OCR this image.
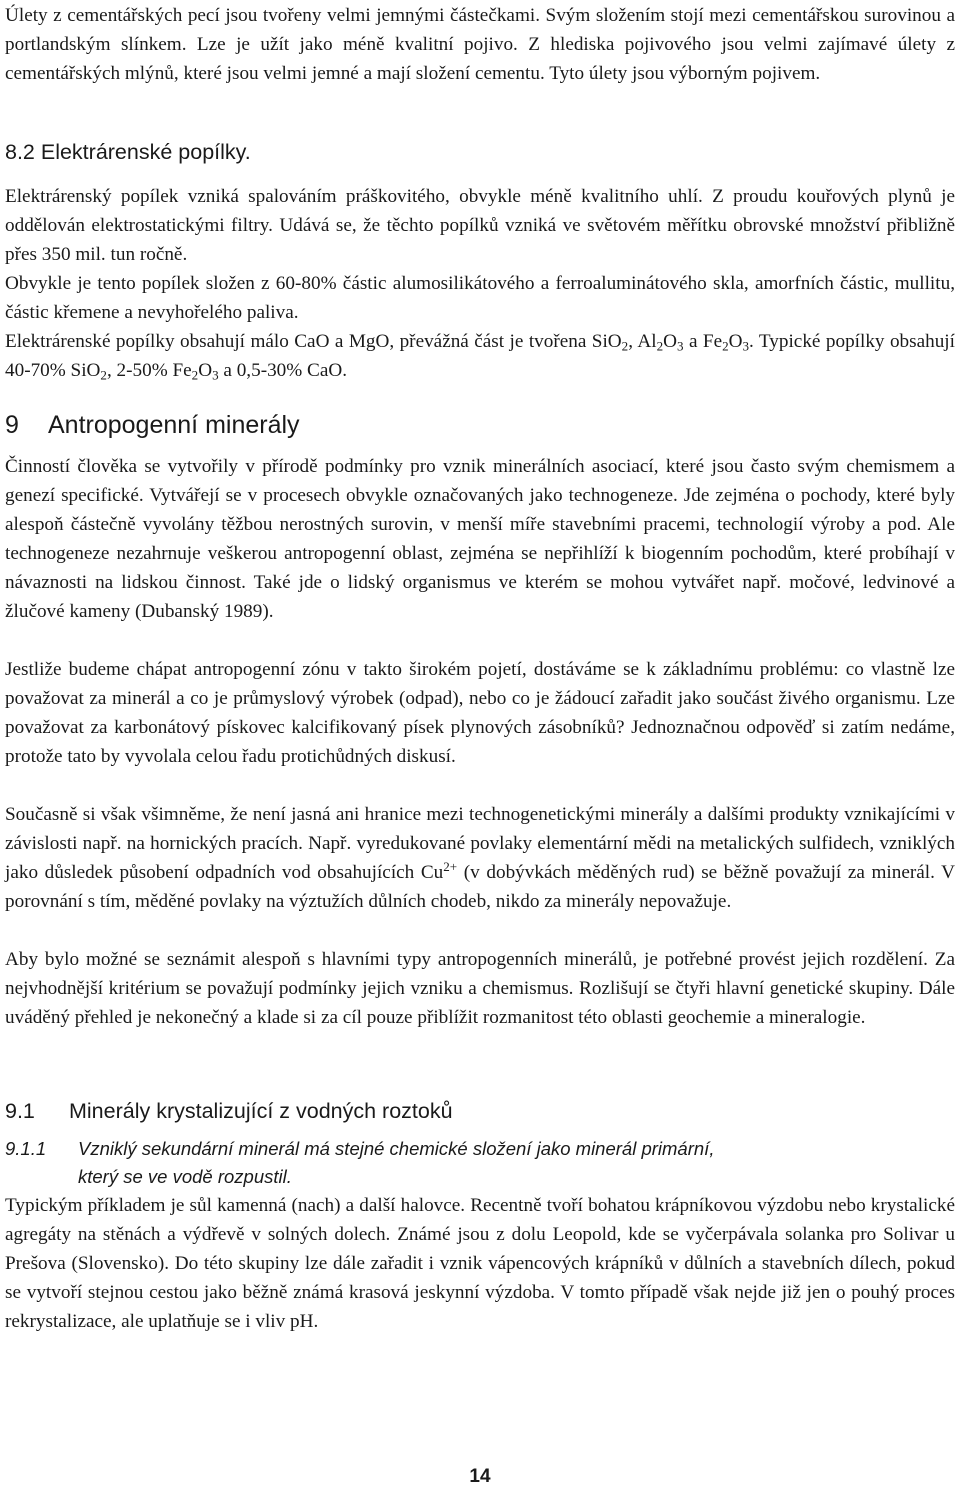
Úlety z cementářských pecí jsou tvořeny velmi jemnými částečkami. Svým složením stojí mezi cementářskou surovinou a portlandským slínkem. Lze je užít jako méně kvalitní pojivo. Z hlediska pojivového jsou velmi zajímavé úlety z cementářských mlýnů, které jsou velmi jemné a mají složení cementu. Tyto úlety jsou výborným pojivem.

8.2 Elektrárenské popílky.

Elektrárenský popílek vzniká spalováním práškovitého, obvykle méně kvalitního uhlí. Z proudu kouřových plynů je oddělován elektrostatickými filtry. Udává se, že těchto popílků vzniká ve světovém měřítku obrovské množství přibližně přes 350 mil. tun ročně.

Obvykle je tento popílek složen z 60-80% částic alumosilikátového a ferroaluminátového skla, amorfních částic, mullitu, částic křemene a nevyhořelého paliva.

Elektrárenské popílky obsahují málo CaO a MgO, převážná část je tvořena SiO$_2$, $Al_2O_3$ a $Fe_2O_3$. Typické popílky obsahují 40-70% SiO$_2$, 2-50% $Fe_2O_3$ a 0,5-30% CaO.

9 Antropogenní minerály

Činností člověka se vytvořily v přírodě podmínky pro vznik minerálních asociací, které jsou často svým chemismem a genezí specifické. Vytvářejí se v procesech obvykle označovaných jako technogeneze. Jde zejména o pochody, které byly alespoň částečně vyvolány těžbou nerostných surovin, v menší míře stavebními pracemi, technologií výroby a pod. Ale technogeneze nezahrnuje veškerou antropogenní oblast, zejména se nepřihlíží k biogenním pochodům, které probíhají v návaznosti na lidskou činnost. Také jde o lidský organismus ve kterém se mohou vytvářet např. močové, ledvinové a žlučové kameny (Dubanský 1989).

Jestliže budeme chápat antropogenní zónu v takto širokém pojetí, dostáváme se k základnímu problému: co vlastně lze považovat za minerál a co je průmyslový výrobek (odpad), nebo co je žádoucí zařadit jako součást živého organismu. Lze považovat za karbonátový pískovec kalcifikovaný písek plynových zásobníků? Jednoznačnou odpověď si zatím nedáme, protože tato by vyvolala celou řadu protichůdných diskusí.

Současně si však všimněme, že není jasná ani hranice mezi technogenetickými minerály a dalšími produkty vznikajícími v závislosti např. na hornických pracích. Např. vyredukované povlaky elementární mědi na metalických sulfidech, vzniklých jako důsledek působení odpadních vod obsahujících $Cu^{2+}$ (v dobývkách měděných rud) se běžně považují za minerál. V porovnání s tím, měděné povlaky na výztužích důlních chodeb, nikdo za minerály nepovažuje.

Aby bylo možné se seznámit alespoň s hlavními typy antropogenních minerálů, je potřebné provést jejich rozdělení. Za nejvhodnější kritérium se považují podmínky jejich vzniku a chemismus. Rozlišují se čtyři hlavní genetické skupiny. Dále uváděný přehled je nekonečný a klade si za cíl pouze přiblížit rozmanitost této oblasti geochemie a mineralogie.

9.1 Minerály krystalizující z vodných roztoků
9.1.1 Vzniklý sekundární minerál má stejné chemické složení jako minerál primární,
který se ve vodě rozpustil.

Typickým příkladem je sůl kamenná (nach) a další halovce. Recentně tvoří bohatou krápníkovou výzdobu nebo krystalické agregáty na stěnách a výdřevě v solných dolech. Známé jsou z dolu Leopold, kde se vyčerpávala solanka pro Solivar u Prešova (Slovensko). Do této skupiny lze dále zařadit i vznik vápencových krápníků v důlních a stavebních dílech, pokud se vytvoří stejnou cestou jako běžně známá krasová jeskynní výzdoba. V tomto případě však nejde již jen o pouhý proces rekrystalizace, ale uplatňuje se i vliv pH.

14
